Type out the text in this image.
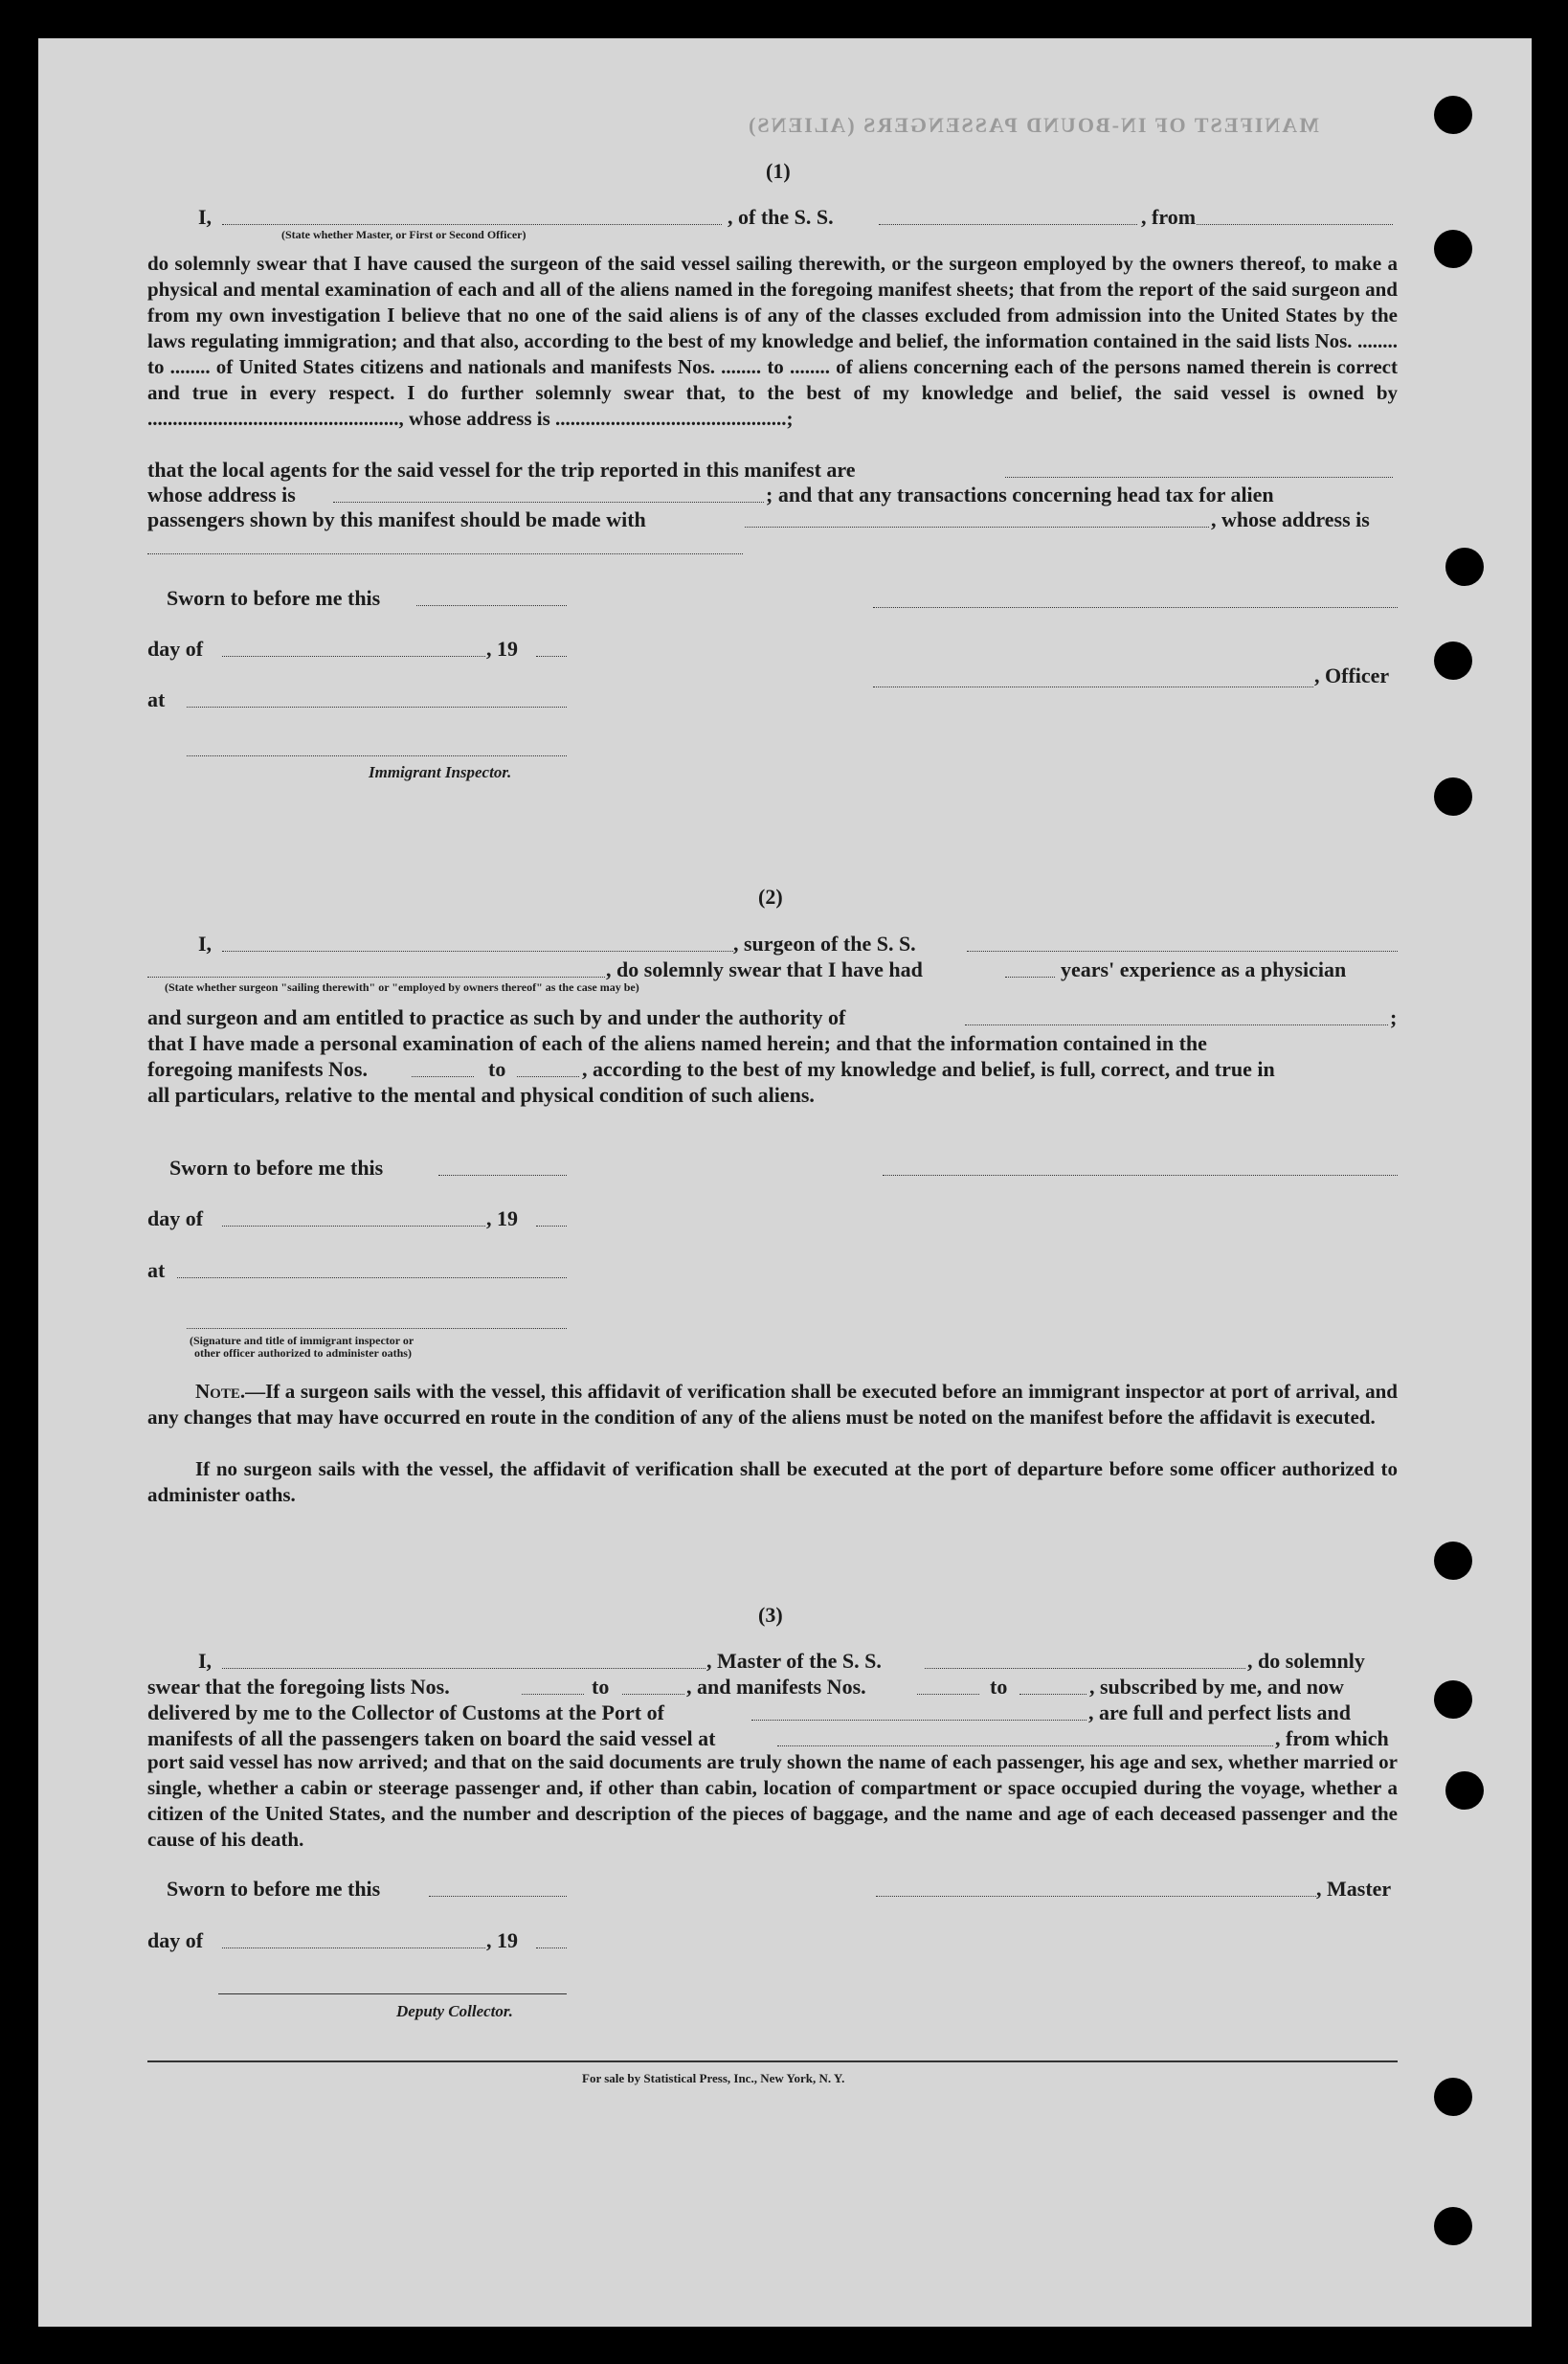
MANIFEST OF IN-BOUND PASSENGERS (ALIENS)
(1)
I,	, of the S. S.	, from
(State whether Master, or First or Second Officer)
do solemnly swear that I have caused the surgeon of the said vessel sailing therewith, or the surgeon employed by the owners thereof, to make a physical and mental examination of each and all of the aliens named in the foregoing manifest sheets; that from the report of the said surgeon and from my own investigation I believe that no one of the said aliens is of any of the classes excluded from admission into the United States by the laws regulating immigration; and that also, according to the best of my knowledge and belief, the information contained in the said lists Nos. ........ to ........ of United States citizens and nationals and manifests Nos. ........ to ........ of aliens concerning each of the persons named therein is correct and true in every respect. I do further solemnly swear that, to the best of my knowledge and belief, the said vessel is owned by .................................................., whose address is ..............................................;
that the local agents for the said vessel for the trip reported in this manifest are
whose address is	; and that any transactions concerning head tax for alien
passengers shown by this manifest should be made with	, whose address is
Sworn to before me this
day of	, 19
, Officer
at
Immigrant Inspector.
(2)
I,	, surgeon of the S. S.
, do solemnly swear that I have had	years' experience as a physician
(State whether surgeon "sailing therewith" or "employed by owners thereof" as the case may be)
and surgeon and am entitled to practice as such by and under the authority of	;
that I have made a personal examination of each of the aliens named herein; and that the information contained in the
foregoing manifests Nos.	to	, according to the best of my knowledge and belief, is full, correct, and true in
all particulars, relative to the mental and physical condition of such aliens.
Sworn to before me this
day of	, 19
at
(Signature and title of immigrant inspector or
other officer authorized to administer oaths)
Note.—If a surgeon sails with the vessel, this affidavit of verification shall be executed before an immigrant inspector at port of arrival, and any changes that may have occurred en route in the condition of any of the aliens must be noted on the manifest before the affidavit is executed.
If no surgeon sails with the vessel, the affidavit of verification shall be executed at the port of departure before some officer authorized to administer oaths.
(3)
I,	, Master of the S. S.	, do solemnly
swear that the foregoing lists Nos.	to	, and manifests Nos.	to	, subscribed by me, and now
delivered by me to the Collector of Customs at the Port of	, are full and perfect lists and
manifests of all the passengers taken on board the said vessel at	, from which
port said vessel has now arrived; and that on the said documents are truly shown the name of each passenger, his age and sex, whether married or single, whether a cabin or steerage passenger and, if other than cabin, location of compartment or space occupied during the voyage, whether a citizen of the United States, and the number and description of the pieces of baggage, and the name and age of each deceased passenger and the cause of his death.
Sworn to before me this	, Master
day of	, 19
Deputy Collector.
For sale by Statistical Press, Inc., New York, N. Y.
